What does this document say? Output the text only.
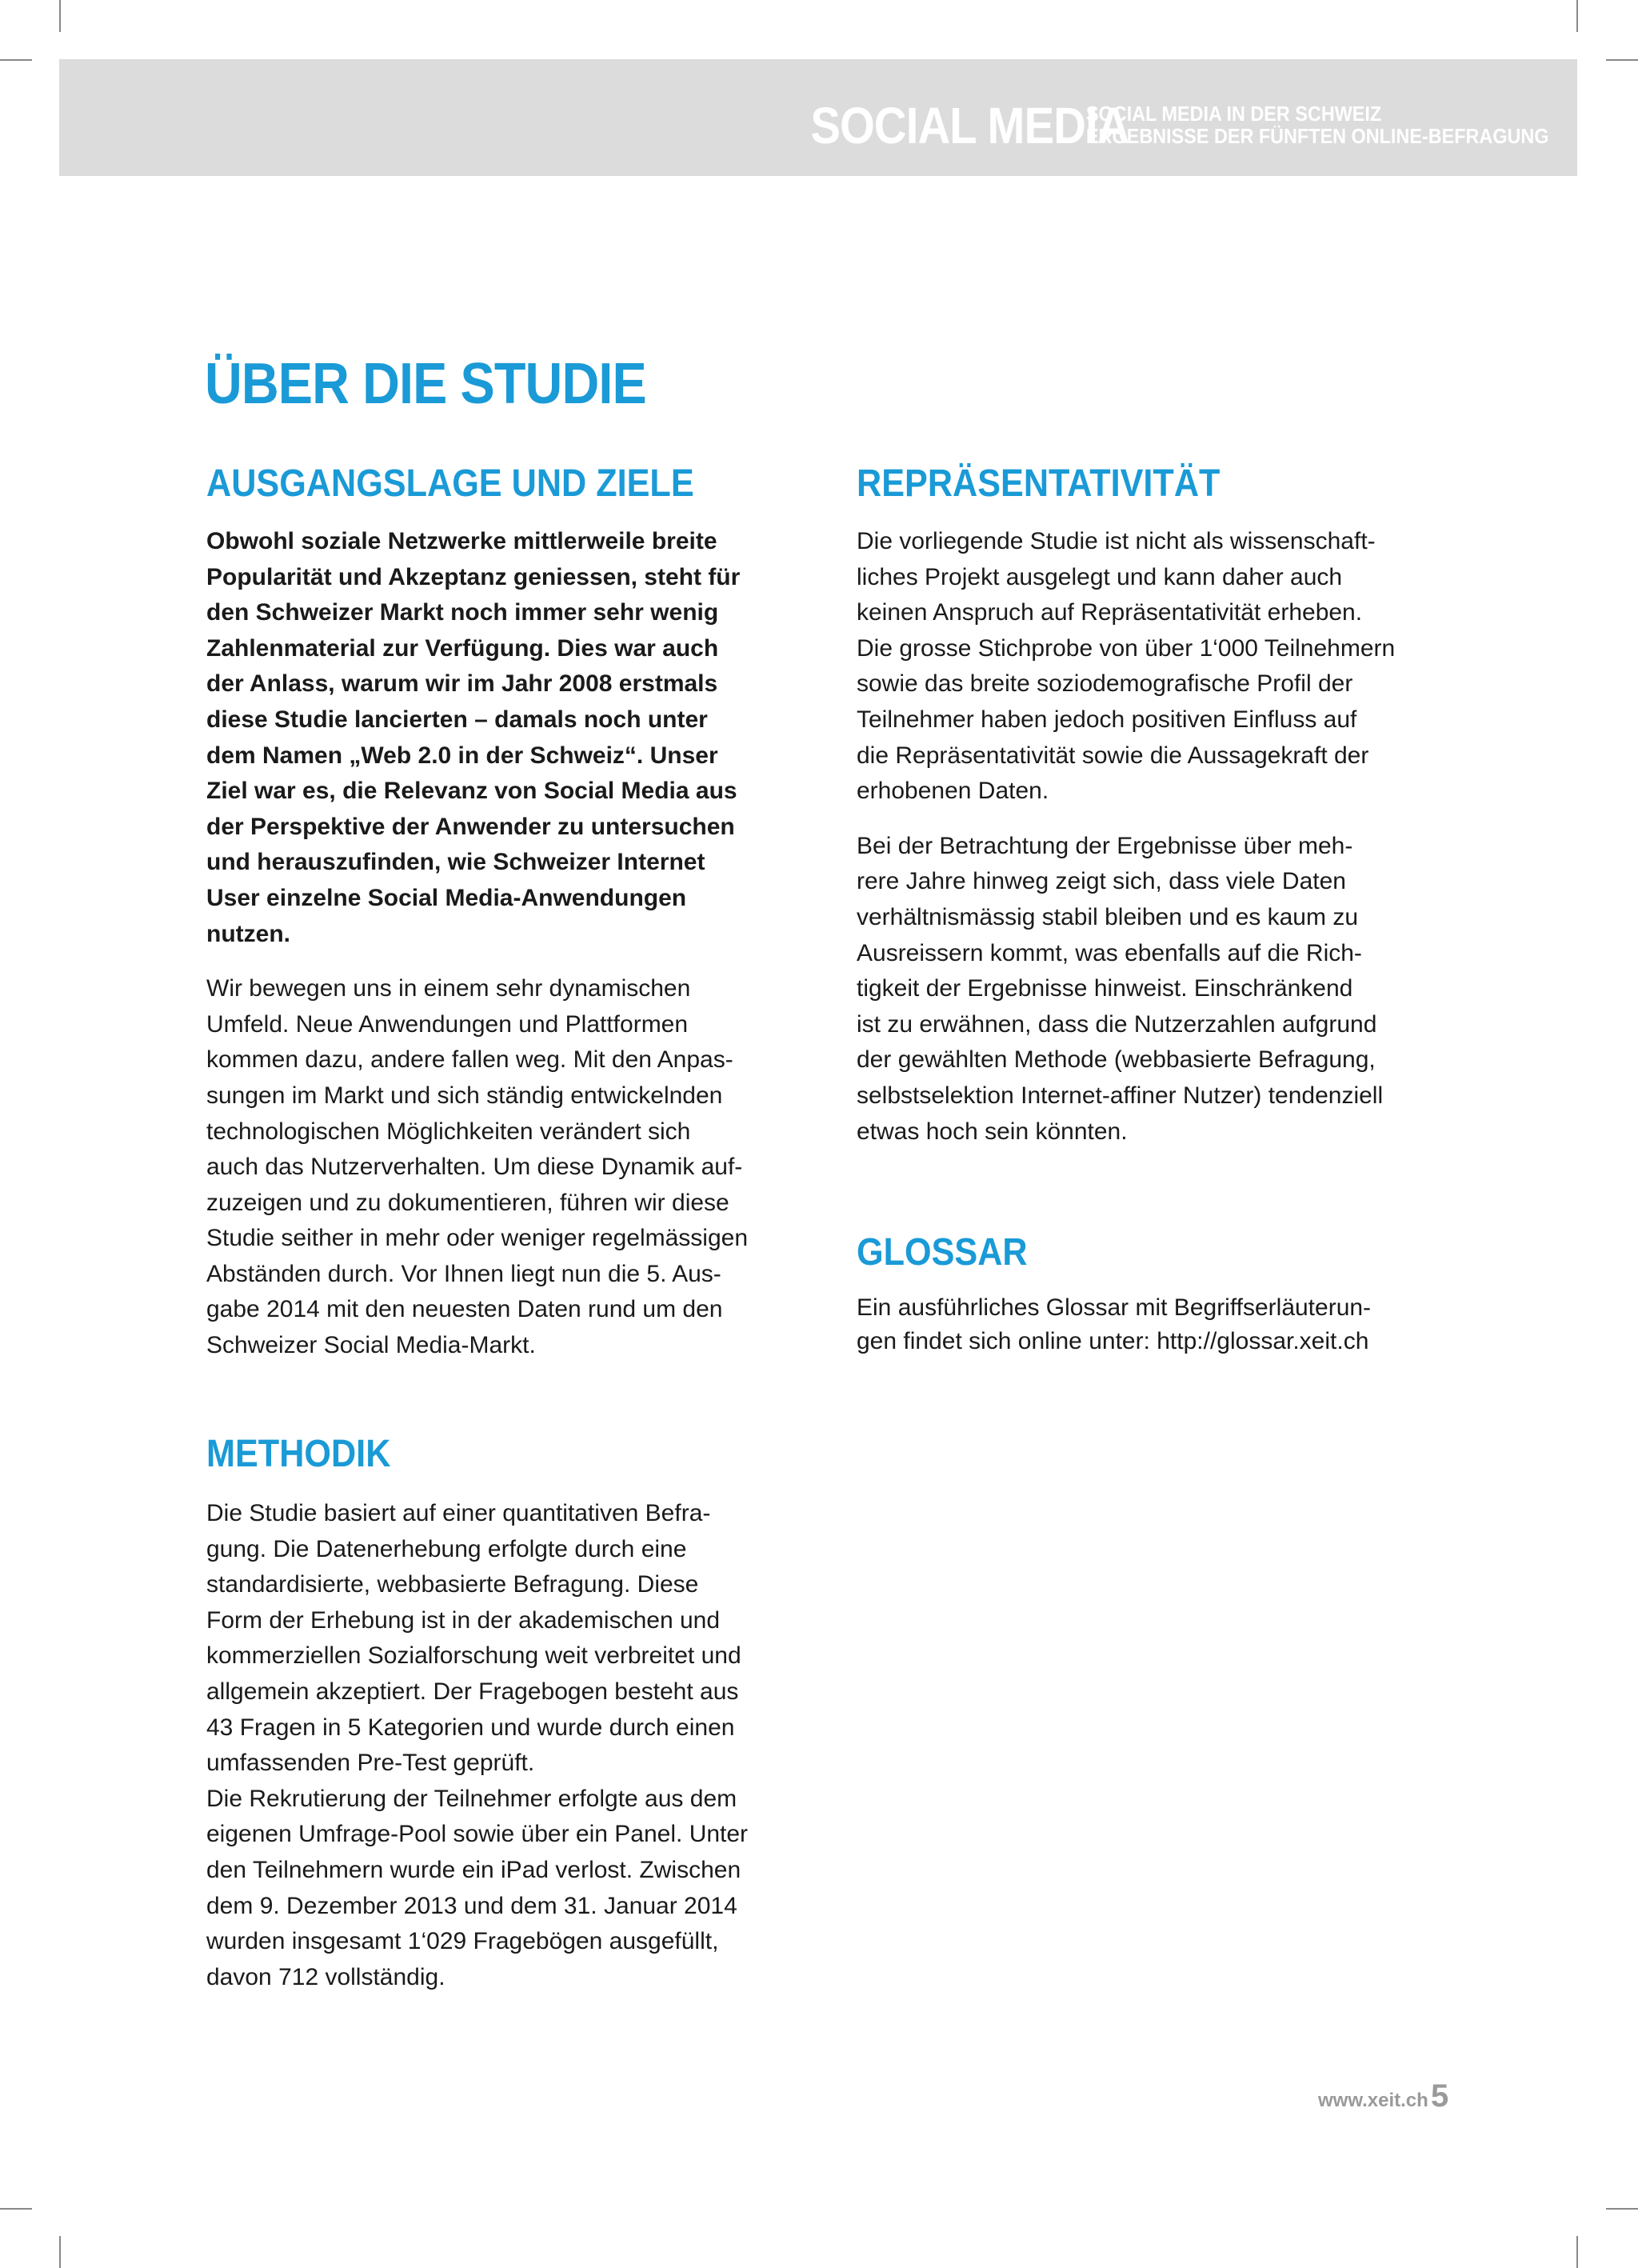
SOCIAL MEDIA
SOCIAL MEDIA IN DER SCHWEIZ
ERGEBNISSE DER FÜNFTEN ONLINE-BEFRAGUNG
ÜBER DIE STUDIE
AUSGANGSLAGE UND ZIELE
Obwohl soziale Netzwerke mittlerweile breite
Popularität und Akzeptanz geniessen, steht für
den Schweizer Markt noch immer sehr wenig
Zahlenmaterial zur Verfügung. Dies war auch
der Anlass, warum wir im Jahr 2008 erstmals
diese Studie lancierten – damals noch unter
dem Namen „Web 2.0 in der Schweiz“. Unser
Ziel war es, die Relevanz von Social Media aus
der Perspektive der Anwender zu untersuchen
und herauszufinden, wie Schweizer Internet
User einzelne Social Media-Anwendungen
nutzen.
Wir bewegen uns in einem sehr dynamischen
Umfeld. Neue Anwendungen und Plattformen
kommen dazu, andere fallen weg. Mit den Anpas-
sungen im Markt und sich ständig entwickelnden
technologischen Möglichkeiten verändert sich
auch das Nutzerverhalten. Um diese Dynamik auf-
zuzeigen und zu dokumentieren, führen wir diese
Studie seither in mehr oder weniger regelmässigen
Abständen durch. Vor Ihnen liegt nun die 5. Aus-
gabe 2014 mit den neuesten Daten rund um den
Schweizer Social Media-Markt.
METHODIK
Die Studie basiert auf einer quantitativen Befra-
gung. Die Datenerhebung erfolgte durch eine
standardisierte, webbasierte Befragung. Diese
Form der Erhebung ist in der akademischen und
kommerziellen Sozialforschung weit verbreitet und
allgemein akzeptiert. Der Fragebogen besteht aus
43 Fragen in 5 Kategorien und wurde durch einen
umfassenden Pre-Test geprüft.
Die Rekrutierung der Teilnehmer erfolgte aus dem
eigenen Umfrage-Pool sowie über ein Panel. Unter
den Teilnehmern wurde ein iPad verlost. Zwischen
dem 9. Dezember 2013 und dem 31. Januar 2014
wurden insgesamt 1‘029 Fragebögen ausgefüllt,
davon 712 vollständig.
REPRÄSENTATIVITÄT
Die vorliegende Studie ist nicht als wissenschaft-
liches Projekt ausgelegt und kann daher auch
keinen Anspruch auf Repräsentativität erheben.
Die grosse Stichprobe von über 1‘000 Teilnehmern
sowie das breite soziodemografische Profil der
Teilnehmer haben jedoch positiven Einfluss auf
die Repräsentativität sowie die Aussagekraft der
erhobenen Daten.
Bei der Betrachtung der Ergebnisse über meh-
rere Jahre hinweg zeigt sich, dass viele Daten
verhältnismässig stabil bleiben und es kaum zu
Ausreissern kommt, was ebenfalls auf die Rich-
tigkeit der Ergebnisse hinweist. Einschränkend
ist zu erwähnen, dass die Nutzerzahlen aufgrund
der gewählten Methode (webbasierte Befragung,
selbstselektion Internet-affiner Nutzer) tendenziell
etwas hoch sein könnten.
GLOSSAR
Ein ausführliches Glossar mit Begriffserläuterun-
gen findet sich online unter: http://glossar.xeit.ch
www.xeit.ch 5
